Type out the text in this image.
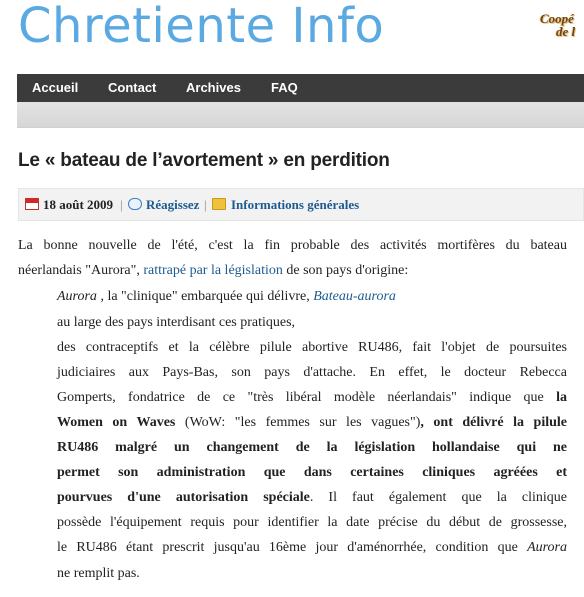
Chretiente Info	Coopé
de l
Accueil Contact Archives FAQ
Le « bateau de l’avortement » en perdition
18 août 2009 | Réagissez | Informations générales

La bonne nouvelle de l'été, c'est la fin probable des activités mortifères du bateau

néerlandais "Aurora", rattrapé par la législation de son pays d'origine:

Aurora , la "clinique" embarquée qui délivre, Bateau-aurora

au large des pays interdisant ces pratiques,

des contraceptifs et la célèbre pilule abortive RU486, fait l'objet de poursuites

judiciaires aux Pays-Bas, son pays d'attache. En effet, le docteur Rebecca

Gomperts, fondatrice de ce "très libéral modèle néerlandais" indique que la

Women on Waves (WoW: "les femmes sur les vagues"), ont délivré la pilule

RU486 malgré un changement de la législation hollandaise qui ne

permet son administration que dans certaines cliniques agréées et

pourvues d'une autorisation spéciale. Il faut également que la clinique

possède l'équipement requis pour identifier la date précise du début de grossesse,

le RU486 étant prescrit jusqu'au 16ème jour d'aménorrhée, condition que Aurora

ne remplit pas.
